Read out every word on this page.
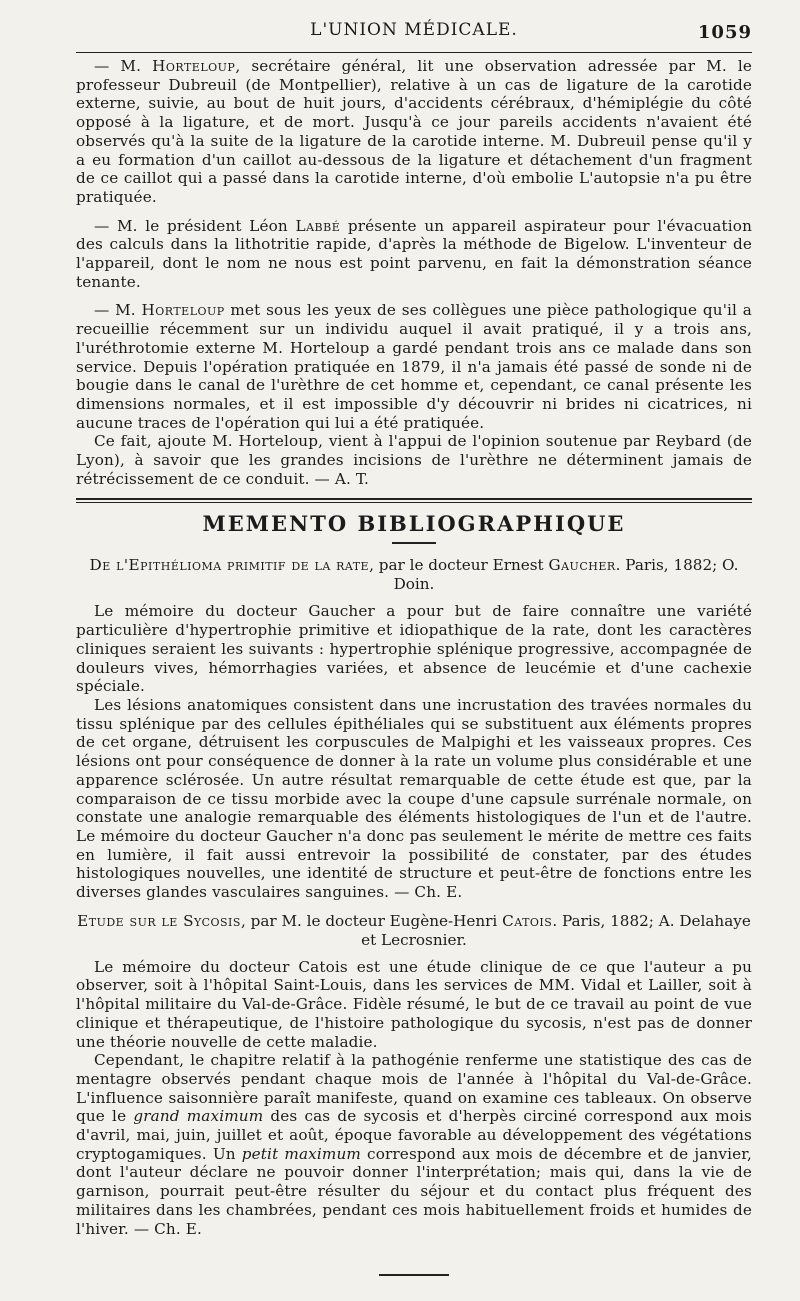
L'UNION MÉDICALE.	1059

— M. Horteloup, secrétaire général, lit une observation adressée par M. le professeur Dubreuil (de Montpellier), relative à un cas de ligature de la carotide externe, suivie, au bout de huit jours, d'accidents cérébraux, d'hémiplégie du côté opposé à la ligature, et de mort. Jusqu'à ce jour pareils accidents n'avaient été observés qu'à la suite de la ligature de la carotide interne. M. Dubreuil pense qu'il y a eu formation d'un caillot au-dessous de la ligature et détachement d'un fragment de ce caillot qui a passé dans la carotide interne, d'où embolie L'autopsie n'a pu être pratiquée.

— M. le président Léon Labbé présente un appareil aspirateur pour l'évacuation des calculs dans la lithotritie rapide, d'après la méthode de Bigelow. L'inventeur de l'appareil, dont le nom ne nous est point parvenu, en fait la démonstration séance tenante.

— M. Horteloup met sous les yeux de ses collègues une pièce pathologique qu'il a recueillie récemment sur un individu auquel il avait pratiqué, il y a trois ans, l'uréthrotomie externe M. Horteloup a gardé pendant trois ans ce malade dans son service. Depuis l'opération pratiquée en 1879, il n'a jamais été passé de sonde ni de bougie dans le canal de l'urèthre de cet homme et, cependant, ce canal présente les dimensions normales, et il est impossible d'y découvrir ni brides ni cicatrices, ni aucune traces de l'opération qui lui a été pratiquée.

Ce fait, ajoute M. Horteloup, vient à l'appui de l'opinion soutenue par Reybard (de Lyon), à savoir que les grandes incisions de l'urèthre ne déterminent jamais de rétrécissement de ce conduit. — A. T.

MEMENTO BIBLIOGRAPHIQUE
De l'Epithélioma primitif de la rate, par le docteur Ernest Gaucher. Paris, 1882; O. Doin.

Le mémoire du docteur Gaucher a pour but de faire connaître une variété particulière d'hypertrophie primitive et idiopathique de la rate, dont les caractères cliniques seraient les suivants : hypertrophie splénique progressive, accompagnée de douleurs vives, hémorrhagies variées, et absence de leucémie et d'une cachexie spéciale.

Les lésions anatomiques consistent dans une incrustation des travées normales du tissu splénique par des cellules épithéliales qui se substituent aux éléments propres de cet organe, détruisent les corpuscules de Malpighi et les vaisseaux propres. Ces lésions ont pour conséquence de donner à la rate un volume plus considérable et une apparence sclérosée. Un autre résultat remarquable de cette étude est que, par la comparaison de ce tissu morbide avec la coupe d'une capsule surrénale normale, on constate une analogie remarquable des éléments histologiques de l'un et de l'autre. Le mémoire du docteur Gaucher n'a donc pas seulement le mérite de mettre ces faits en lumière, il fait aussi entrevoir la possibilité de constater, par des études histologiques nouvelles, une identité de structure et peut-être de fonctions entre les diverses glandes vasculaires sanguines. — Ch. E.

Etude sur le Sycosis, par M. le docteur Eugène-Henri Catois. Paris, 1882; A. Delahaye et Lecrosnier.

Le mémoire du docteur Catois est une étude clinique de ce que l'auteur a pu observer, soit à l'hôpital Saint-Louis, dans les services de MM. Vidal et Lailler, soit à l'hôpital militaire du Val-de-Grâce. Fidèle résumé, le but de ce travail au point de vue clinique et thérapeutique, de l'histoire pathologique du sycosis, n'est pas de donner une théorie nouvelle de cette maladie.

Cependant, le chapitre relatif à la pathogénie renferme une statistique des cas de mentagre observés pendant chaque mois de l'année à l'hôpital du Val-de-Grâce. L'influence saisonnière paraît manifeste, quand on examine ces tableaux. On observe que le grand maximum des cas de sycosis et d'herpès circiné correspond aux mois d'avril, mai, juin, juillet et août, époque favorable au développement des végétations cryptogamiques. Un petit maximum correspond aux mois de décembre et de janvier, dont l'auteur déclare ne pouvoir donner l'interprétation; mais qui, dans la vie de garnison, pourrait peut-être résulter du séjour et du contact plus fréquent des militaires dans les chambrées, pendant ces mois habituellement froids et humides de l'hiver. — Ch. E.
